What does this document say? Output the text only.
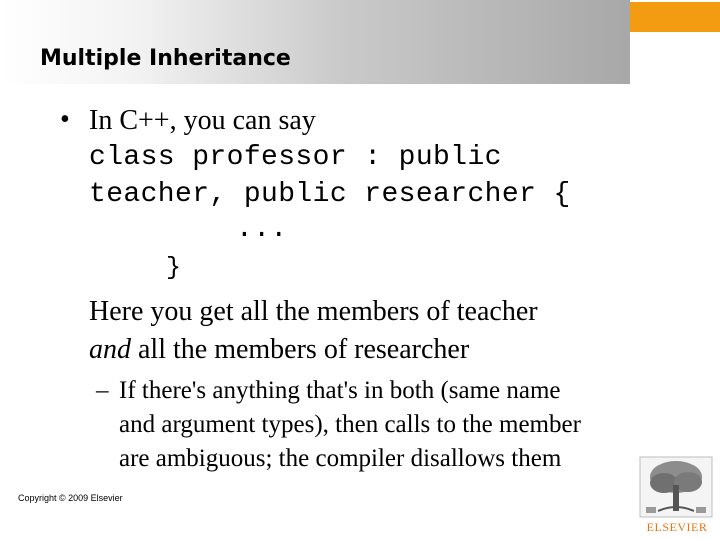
Multiple Inheritance
• In C++, you can say
class professor : public
teacher, public researcher {
...
}
Here you get all the members of teacher
and all the members of researcher
– If there's anything that's in both (same name
and argument types), then calls to the member
are ambiguous; the compiler disallows them
Copyright © 2009 Elsevier
ELSEVIER
